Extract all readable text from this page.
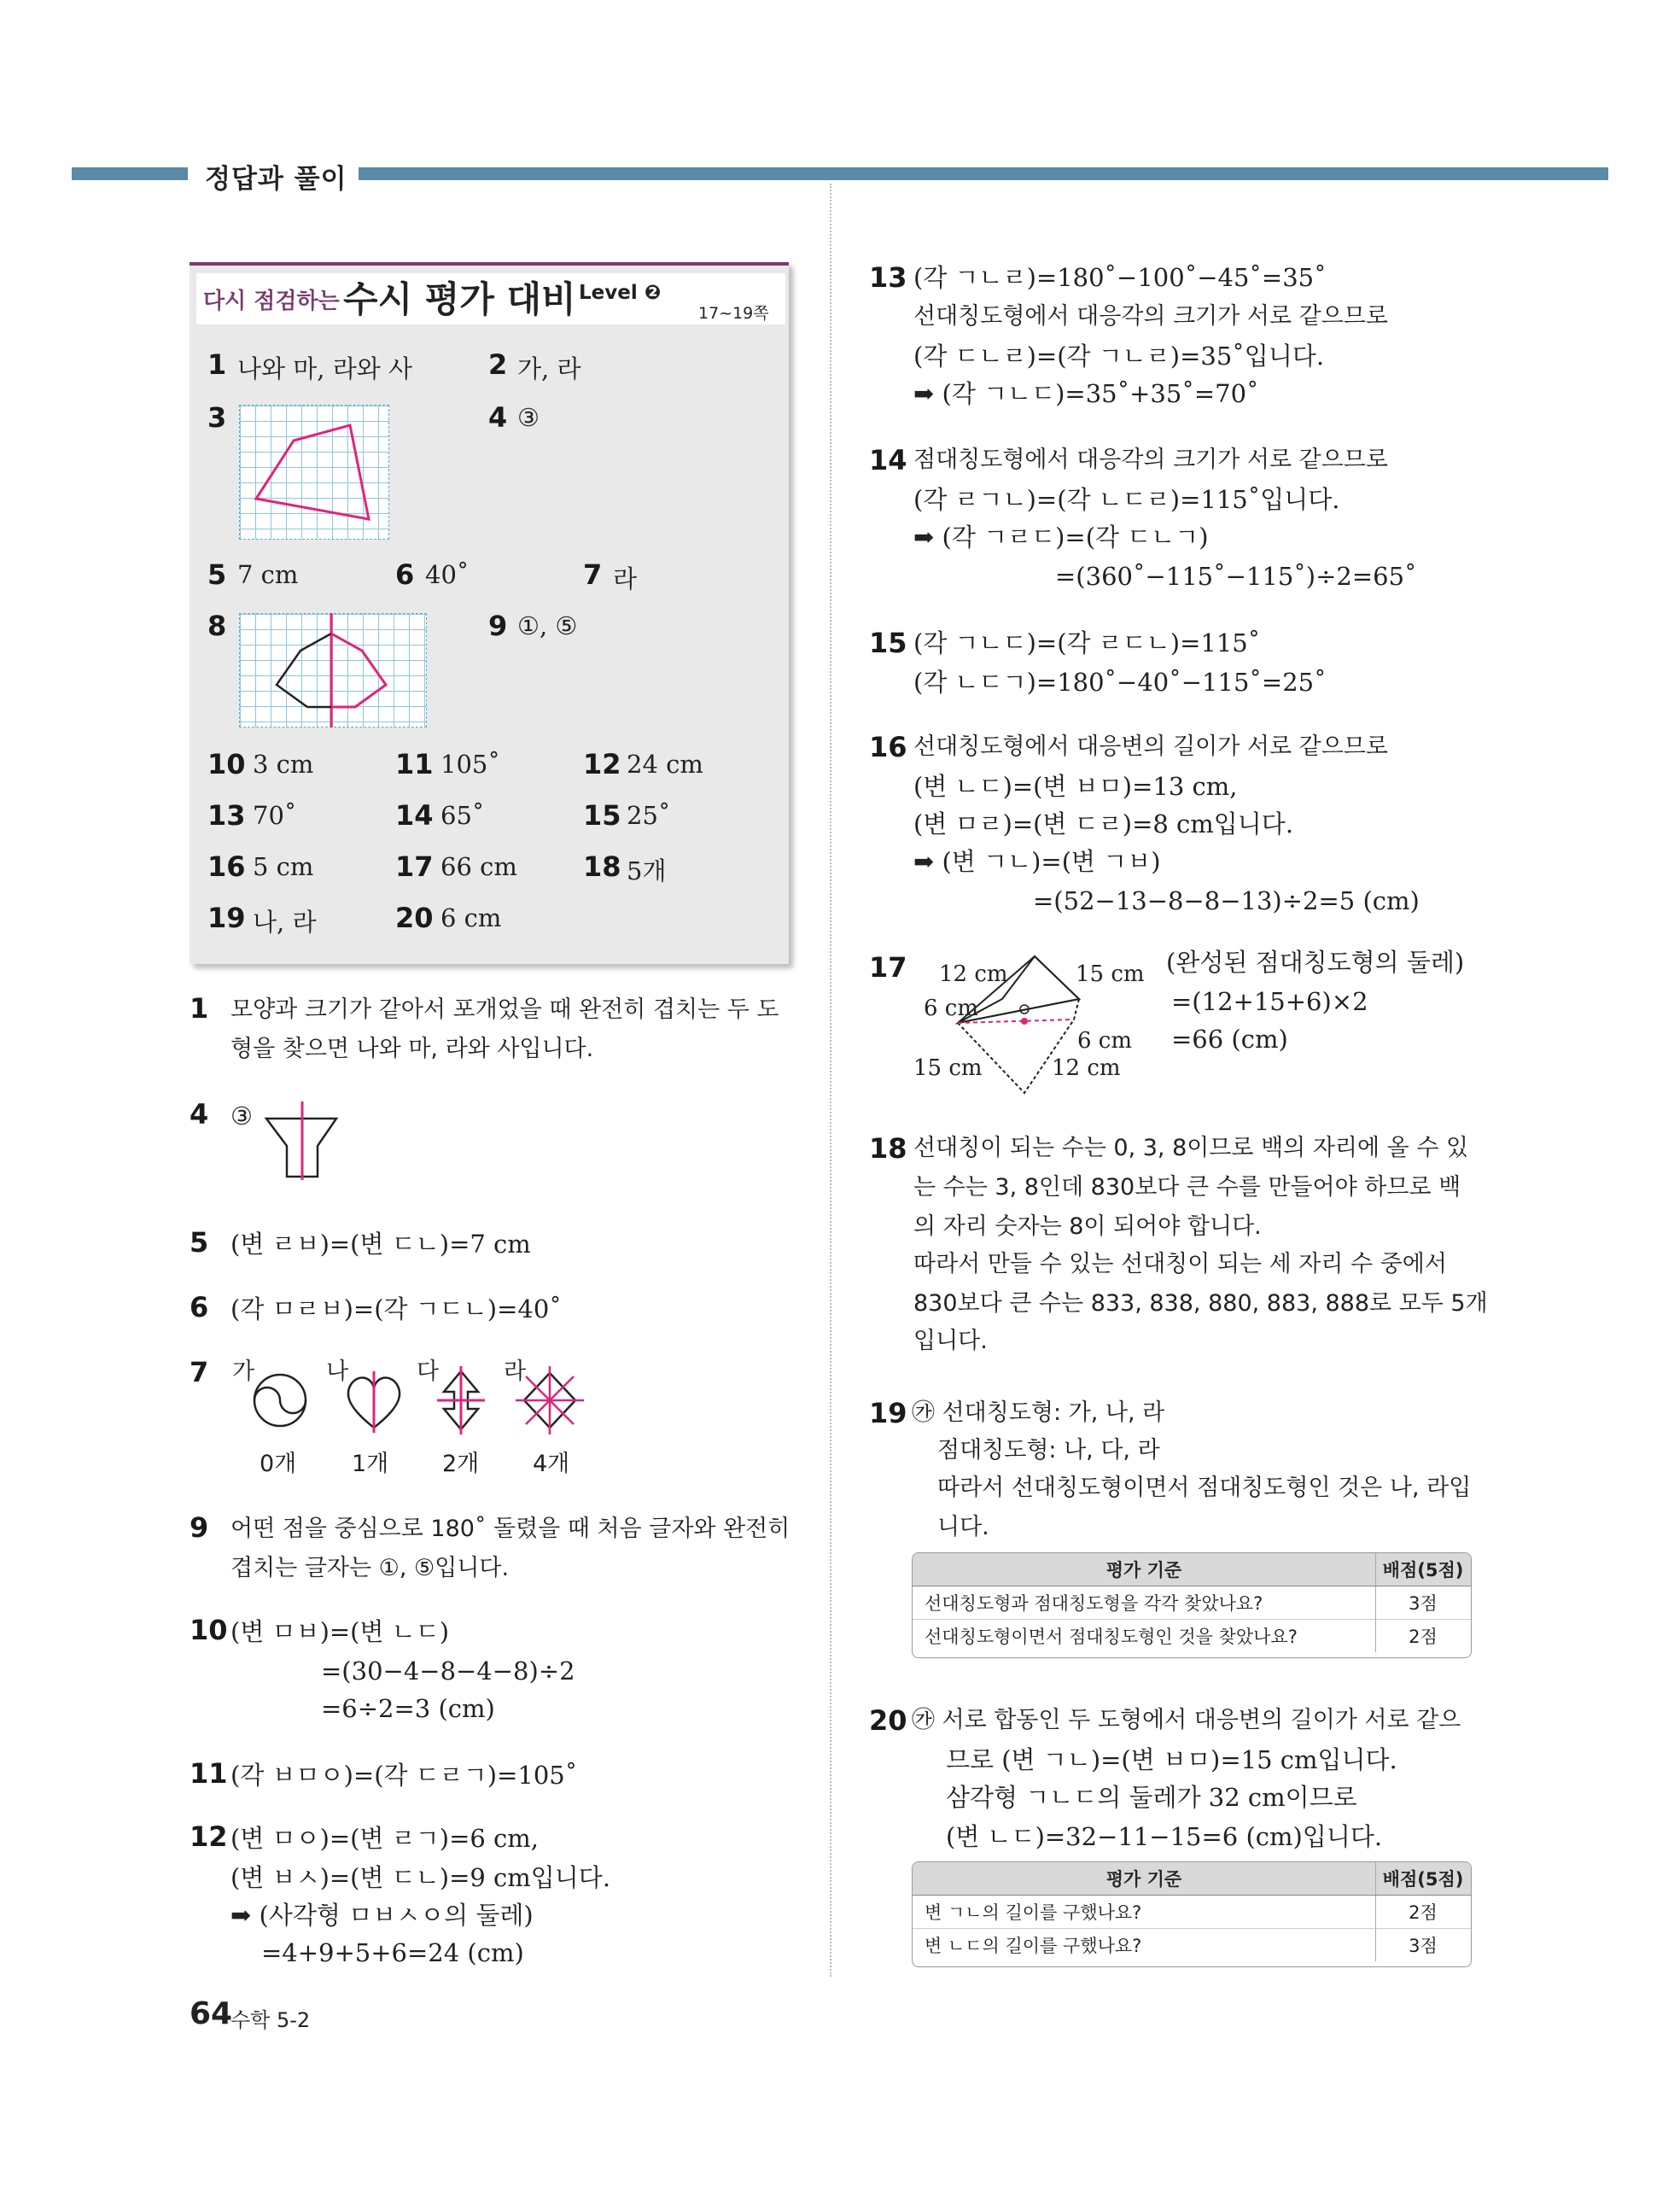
정답과 풀이
다시 점검하는 수시 평가 대비 Level ❷
17~19쪽
1 나와 마, 라와 사	2 가, 라
3	4 ③
5 7 cm	6 40˚	7 라
8	9 ①, ⑤
10 3 cm	11 105˚	12 24 cm
13 70˚	14 65˚	15 25˚
16 5 cm	17 66 cm 18 5개
19 나, 라	20 6 cm
1 모양과 크기가 같아서 포개었을 때 완전히 겹치는 두 도
형을 찾으면 나와 마, 라와 사입니다.
4 ③
5 (변 ㄹㅂ)=(변 ㄷㄴ)=7 cm
6 (각 ㅁㄹㅂ)=(각 ㄱㄷㄴ)=40˚
7 가	나	다	라
0개 1개 2개 4개
9 어떤 점을 중심으로 180˚ 돌렸을 때 처음 글자와 완전히
겹치는 글자는 ①, ⑤입니다.
10 (변 ㅁㅂ)=(변 ㄴㄷ)
=(30−4−8−4−8)÷2
=6÷2=3 (cm)
11 (각 ㅂㅁㅇ)=(각 ㄷㄹㄱ)=105˚
12 (변 ㅁㅇ)=(변 ㄹㄱ)=6 cm,
(변 ㅂㅅ)=(변 ㄷㄴ)=9 cm입니다.
➡ (사각형 ㅁㅂㅅㅇ의 둘레)
=4+9+5+6=24 (cm)
13 (각 ㄱㄴㄹ)=180˚−100˚−45˚=35˚
선대칭도형에서 대응각의 크기가 서로 같으므로
(각 ㄷㄴㄹ)=(각 ㄱㄴㄹ)=35˚입니다.
➡ (각 ㄱㄴㄷ)=35˚+35˚=70˚
14 점대칭도형에서 대응각의 크기가 서로 같으므로
(각 ㄹㄱㄴ)=(각 ㄴㄷㄹ)=115˚입니다.
➡ (각 ㄱㄹㄷ)=(각 ㄷㄴㄱ)
=(360˚−115˚−115˚)÷2=65˚
15 (각 ㄱㄴㄷ)=(각 ㄹㄷㄴ)=115˚
(각 ㄴㄷㄱ)=180˚−40˚−115˚=25˚
16 선대칭도형에서 대응변의 길이가 서로 같으므로
(변 ㄴㄷ)=(변 ㅂㅁ)=13 cm,
(변 ㅁㄹ)=(변 ㄷㄹ)=8 cm입니다.
➡ (변 ㄱㄴ)=(변 ㄱㅂ)
=(52−13−8−8−13)÷2=5 (cm)
17 12 cm	15 cm
6 cm
6 cm
15 cm	12 cm
(완성된 점대칭도형의 둘레)
=(12+15+6)×2
=66 (cm)
18 선대칭이 되는 수는 0, 3, 8이므로 백의 자리에 올 수 있
는 수는 3, 8인데 830보다 큰 수를 만들어야 하므로 백
의 자리 숫자는 8이 되어야 합니다.
따라서 만들 수 있는 선대칭이 되는 세 자리 수 중에서
830보다 큰 수는 833, 838, 880, 883, 888로 모두 5개
입니다.
19 ㉮ 선대칭도형: 가, 나, 라
점대칭도형: 나, 다, 라
따라서 선대칭도형이면서 점대칭도형인 것은 나, 라입
니다.
평가 기준	배점(5점)
선대칭도형과 점대칭도형을 각각 찾았나요?	3점
선대칭도형이면서 점대칭도형인 것을 찾았나요?	2점
20 ㉮ 서로 합동인 두 도형에서 대응변의 길이가 서로 같으
므로 (변 ㄱㄴ)=(변 ㅂㅁ)=15 cm입니다.
삼각형 ㄱㄴㄷ의 둘레가 32 cm이므로
(변 ㄴㄷ)=32−11−15=6 (cm)입니다.
평가 기준	배점(5점)
변 ㄱㄴ의 길이를 구했나요?	2점
변 ㄴㄷ의 길이를 구했나요?	3점
64
수학 5-2
